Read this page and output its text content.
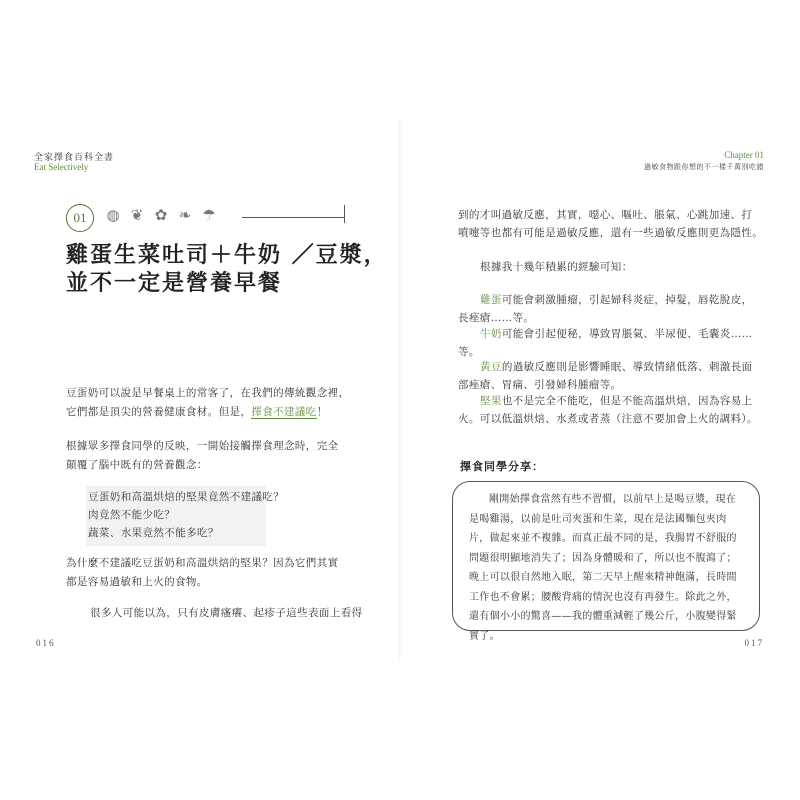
全家擇食百科全書
Eat Selectively
01	◍ ❦ ✿ ❧ ☂
雞蛋生菜吐司＋牛奶 ／豆漿，
並不一定是營養早餐
豆蛋奶可以說是早餐桌上的常客了，在我們的傳統觀念裡，
它們都是頂尖的營養健康食材。但是，擇食不建議吃！
根據眾多擇食同學的反映，一開始接觸擇食理念時，完全
顛覆了腦中既有的營養觀念：
豆蛋奶和高溫烘焙的堅果竟然不建議吃？
肉竟然不能少吃？
蔬菜、水果竟然不能多吃？
為什麼不建議吃豆蛋奶和高溫烘焙的堅果？因為它們其實
都是容易過敏和上火的食物。
很多人可能以為，只有皮膚瘙癢、起疹子這些表面上看得
016
Chapter 01
過敏食物跟你想的不一樣千萬別吃錯
到的才叫過敏反應，其實，噁心、嘔吐、脹氣、心跳加速、打
噴嚏等也都有可能是過敏反應，還有一些過敏反應則更為隱性。
根據我十幾年積累的經驗可知：
雞蛋可能會刺激腫瘤，引起婦科炎症，掉髮，唇乾脫皮，
長痤瘡……等。
牛奶可能會引起便秘，導致胃脹氣、半尿便、毛囊炎……
等。
黃豆的過敏反應則是影響睡眠、導致情緒低落、刺激長面
部痤瘡、胃痛、引發婦科腫瘤等。
堅果也不是完全不能吃，但是不能高溫烘焙，因為容易上
火。可以低溫烘焙、水煮或者蒸（注意不要加會上火的調料）。
擇食同學分享：
剛開始擇食當然有些不習慣，以前早上是喝豆漿，現在
是喝雞湯，以前是吐司夾蛋和生菜，現在是法國麵包夾肉
片，做起來並不複雜。而真正最不同的是，我腸胃不舒服的
問題很明顯地消失了；因為身體暖和了，所以也不腹瀉了；
晚上可以很自然地入眠，第二天早上醒來精神飽滿，長時間
工作也不會累；腰酸背痛的情況也沒有再發生。除此之外，
還有個小小的驚喜——我的體重減輕了幾公斤，小腹變得緊
實了。
017
